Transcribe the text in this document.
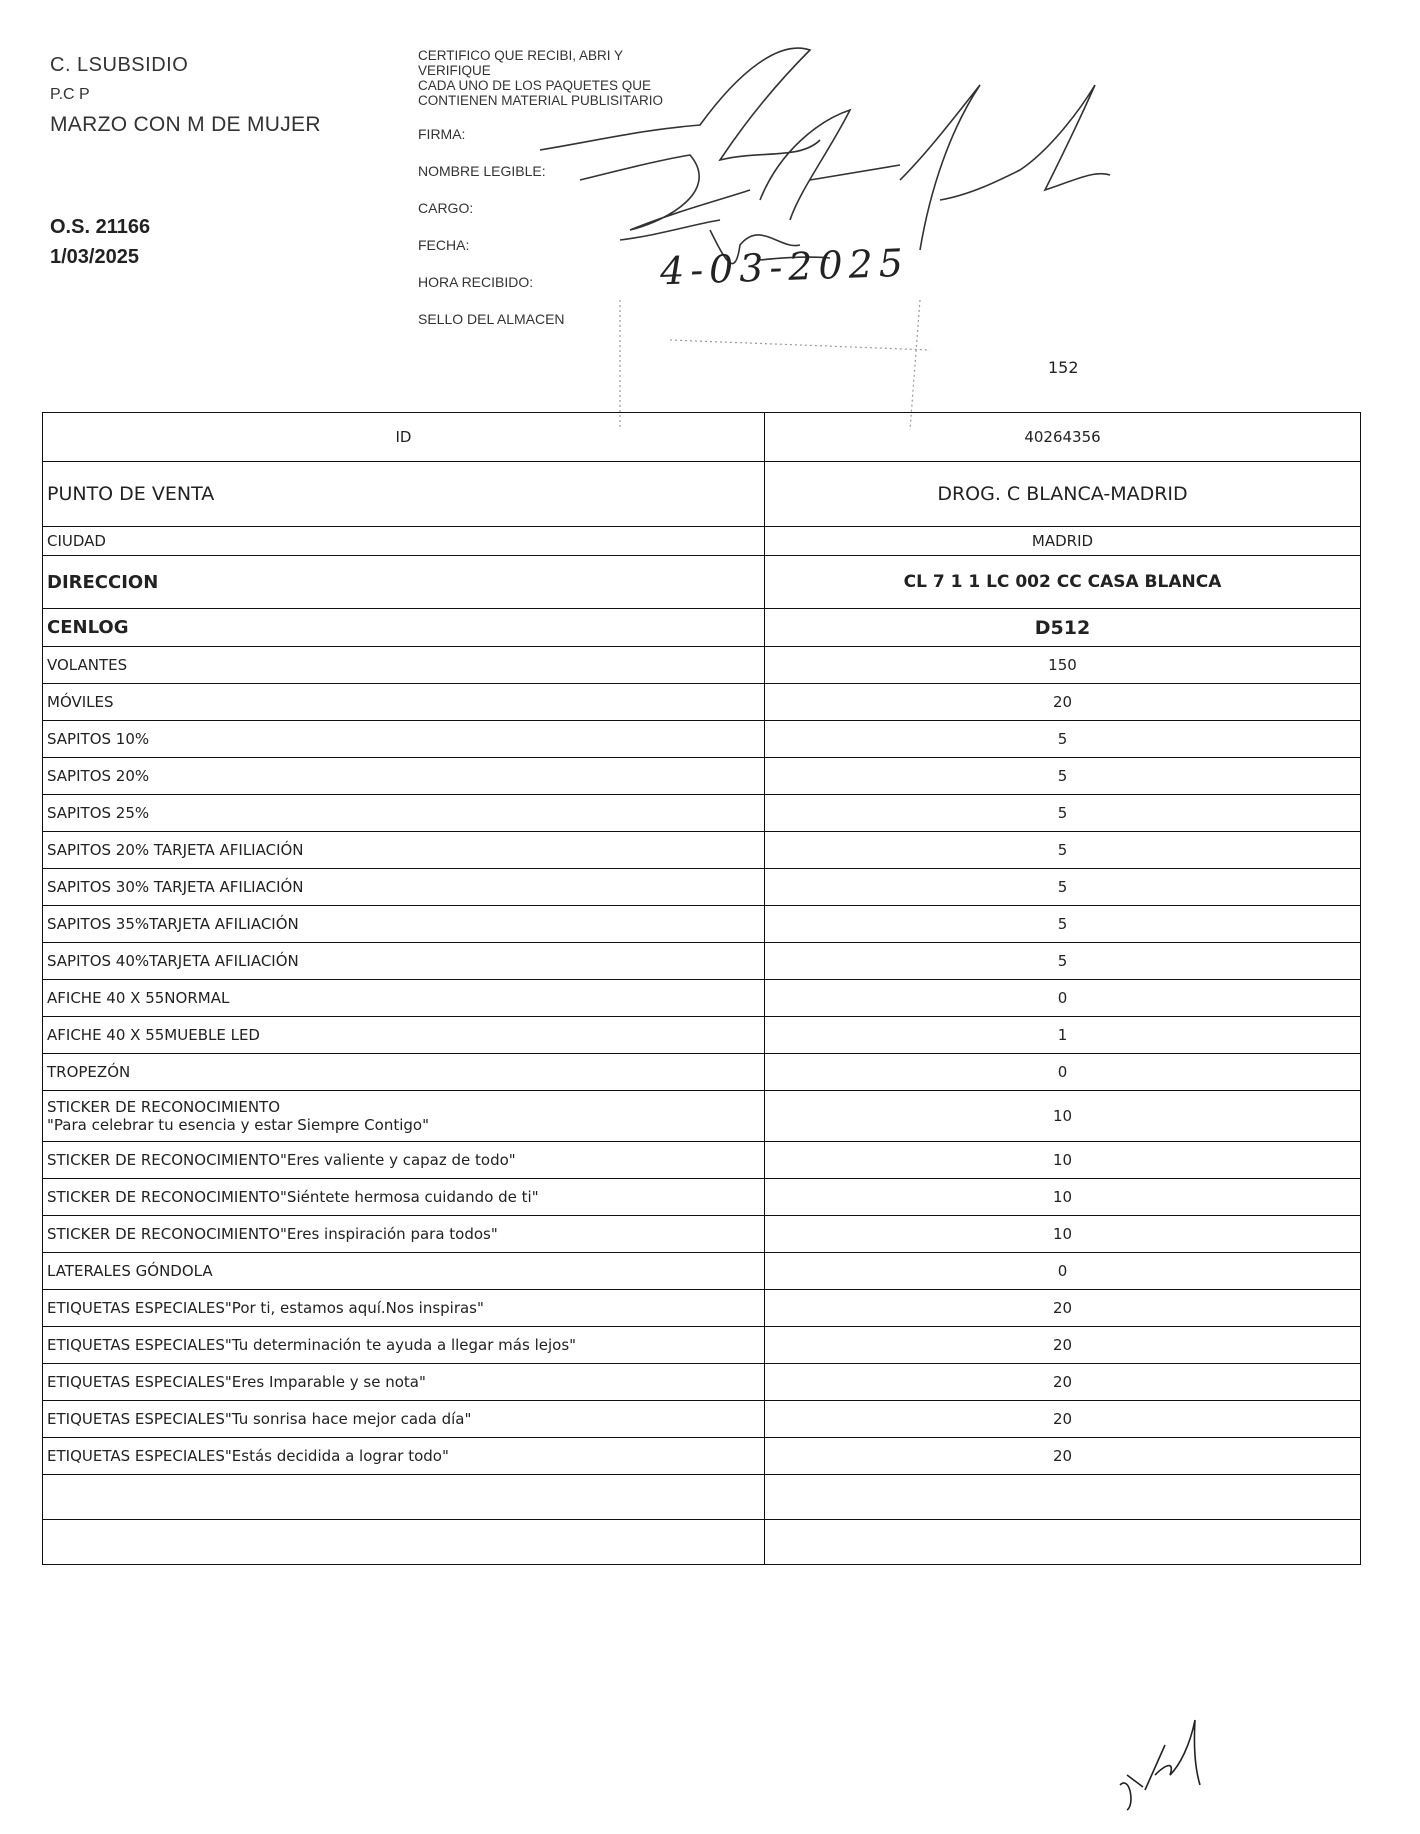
C. LSUBSIDIO
P.C P
MARZO CON M DE MUJER
O.S. 21166
1/03/2025
CERTIFICO QUE RECIBI, ABRI Y
VERIFIQUE
CADA UNO DE LOS PAQUETES QUE
CONTIENEN MATERIAL PUBLISITARIO
FIRMA:
NOMBRE LEGIBLE:
CARGO:
FECHA:
HORA RECIBIDO:
SELLO DEL ALMACEN
4-03-2025
152
ID	40264356
PUNTO DE VENTA	DROG. C BLANCA-MADRID
CIUDAD	MADRID
DIRECCION	CL 7 1 1 LC 002 CC CASA BLANCA
CENLOG	D512
VOLANTES	150
MÓVILES	20
SAPITOS 10%	5
SAPITOS 20%	5
SAPITOS 25%	5
SAPITOS 20% TARJETA AFILIACIÓN	5
SAPITOS 30% TARJETA AFILIACIÓN	5
SAPITOS 35%TARJETA AFILIACIÓN	5
SAPITOS 40%TARJETA AFILIACIÓN	5
AFICHE 40 X 55NORMAL	0
AFICHE 40 X 55MUEBLE LED	1
TROPEZÓN	0

STICKER DE RECONOCIMIENTO
"Para celebrar tu esencia y estar Siempre Contigo"	10
STICKER DE RECONOCIMIENTO"Eres valiente y capaz de todo"	10
STICKER DE RECONOCIMIENTO"Siéntete hermosa cuidando de ti"	10
STICKER DE RECONOCIMIENTO"Eres inspiración para todos"	10
LATERALES GÓNDOLA	0
ETIQUETAS ESPECIALES"Por ti, estamos aquí.Nos inspiras"	20
ETIQUETAS ESPECIALES"Tu determinación te ayuda a llegar más lejos"	20
ETIQUETAS ESPECIALES"Eres Imparable y se nota"	20
ETIQUETAS ESPECIALES"Tu sonrisa hace mejor cada día"	20
ETIQUETAS ESPECIALES"Estás decidida a lograr todo"	20
